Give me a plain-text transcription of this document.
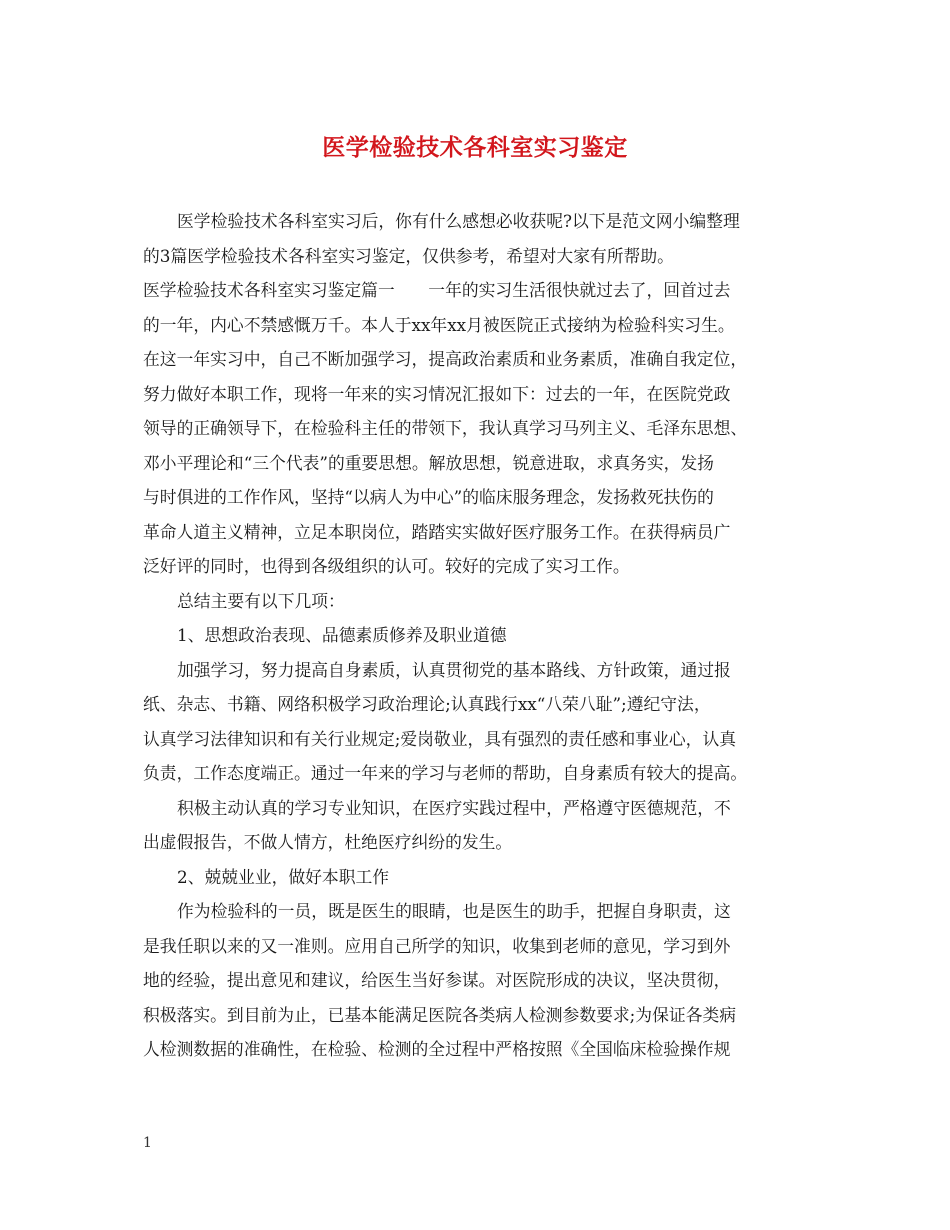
医学检验技术各科室实习鉴定
医学检验技术各科室实习后，你有什么感想必收获呢?以下是范文网小编整理
的3篇医学检验技术各科室实习鉴定，仅供参考，希望对大家有所帮助。
医学检验技术各科室实习鉴定篇一　　一年的实习生活很快就过去了，回首过去
的一年，内心不禁感慨万千。本人于xx年xx月被医院正式接纳为检验科实习生。
在这一年实习中，自己不断加强学习，提高政治素质和业务素质，准确自我定位，
努力做好本职工作，现将一年来的实习情况汇报如下：过去的一年，在医院党政
领导的正确领导下，在检验科主任的带领下，我认真学习马列主义、毛泽东思想、
邓小平理论和“三个代表”的重要思想。解放思想，锐意进取，求真务实，发扬
与时俱进的工作作风，坚持“以病人为中心”的临床服务理念，发扬救死扶伤的
革命人道主义精神，立足本职岗位，踏踏实实做好医疗服务工作。在获得病员广
泛好评的同时，也得到各级组织的认可。较好的完成了实习工作。
总结主要有以下几项：
1、思想政治表现、品德素质修养及职业道德
加强学习，努力提高自身素质，认真贯彻党的基本路线、方针政策，通过报
纸、杂志、书籍、网络积极学习政治理论;认真践行xx“八荣八耻”;遵纪守法，
认真学习法律知识和有关行业规定;爱岗敬业，具有强烈的责任感和事业心，认真
负责，工作态度端正。通过一年来的学习与老师的帮助，自身素质有较大的提高。
积极主动认真的学习专业知识，在医疗实践过程中，严格遵守医德规范，不
出虚假报告，不做人情方，杜绝医疗纠纷的发生。
2、兢兢业业，做好本职工作
作为检验科的一员，既是医生的眼睛，也是医生的助手，把握自身职责，这
是我任职以来的又一准则。应用自己所学的知识，收集到老师的意见，学习到外
地的经验，提出意见和建议，给医生当好参谋。对医院形成的决议，坚决贯彻，
积极落实。到目前为止，已基本能满足医院各类病人检测参数要求;为保证各类病
人检测数据的准确性，在检验、检测的全过程中严格按照《全国临床检验操作规
1
